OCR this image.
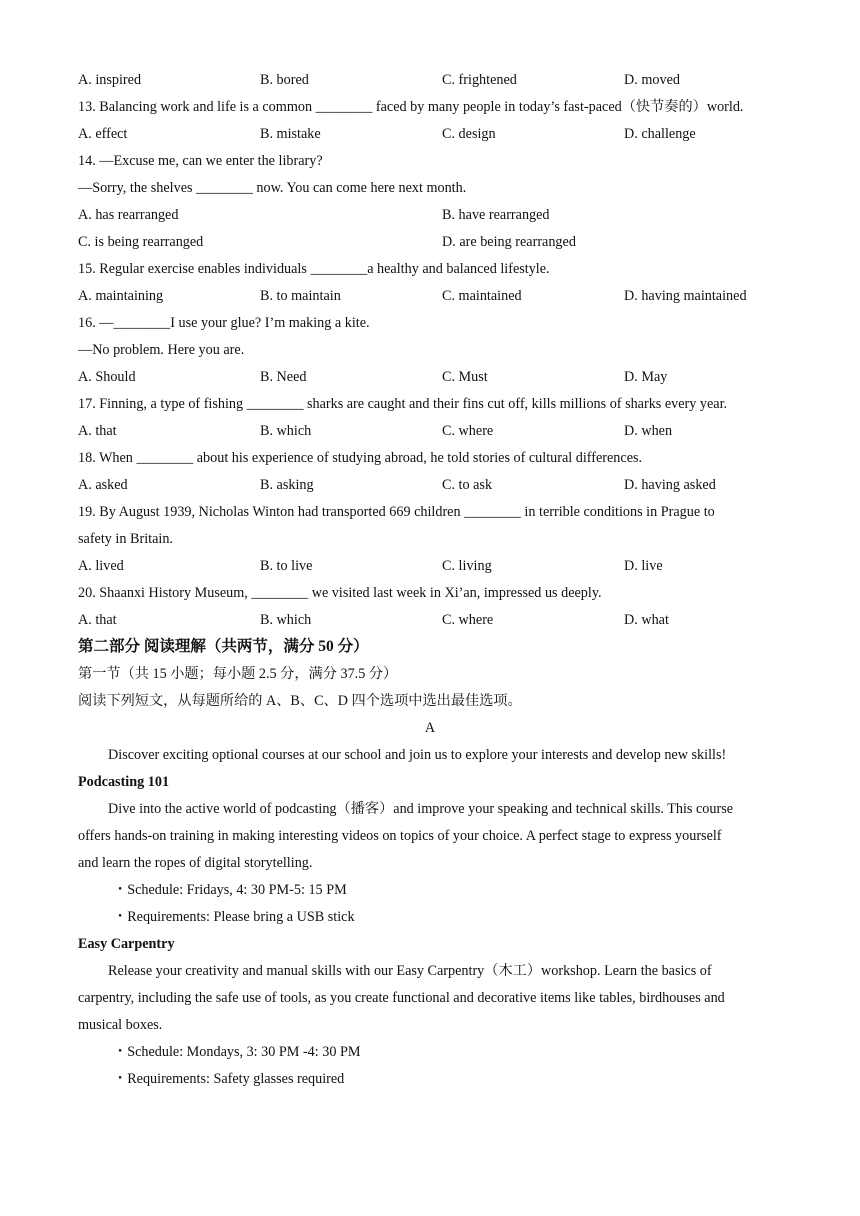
A. inspired	B. bored	C. frightened	D. moved
13. Balancing work and life is a common ________ faced by many people in today’s fast-paced（快节奏的）world.
A. effect	B. mistake	C. design	D. challenge
14. —Excuse me, can we enter the library?
—Sorry, the shelves ________ now. You can come here next month.
A. has rearranged	B. have rearranged
C. is being rearranged	D. are being rearranged
15. Regular exercise enables individuals ________a healthy and balanced lifestyle.
A. maintaining	B. to maintain	C. maintained	D. having maintained
16. —________I use your glue? I’m making a kite.
—No problem. Here you are.
A. Should	B. Need	C. Must	D. May
17. Finning, a type of fishing ________ sharks are caught and their fins cut off, kills millions of sharks every year.
A. that	B. which	C. where	D. when
18. When ________ about his experience of studying abroad, he told stories of cultural differences.
A. asked	B. asking	C. to ask	D. having asked
19. By August 1939, Nicholas Winton had transported 669 children ________ in terrible conditions in Prague to
safety in Britain.
A. lived	B. to live	C. living	D. live
20. Shaanxi History Museum, ________ we visited last week in Xi’an, impressed us deeply.
A. that	B. which	C. where	D. what
第二部分 阅读理解（共两节，满分 50 分）
第一节（共 15 小题；每小题 2.5 分，满分 37.5 分）
阅读下列短文，从每题所给的 A、B、C、D 四个选项中选出最佳选项。
A
Discover exciting optional courses at our school and join us to explore your interests and develop new skills!
Podcasting 101
Dive into the active world of podcasting（播客）and improve your speaking and technical skills. This course
offers hands-on training in making interesting videos on topics of your choice. A perfect stage to express yourself
and learn the ropes of digital storytelling.
・Schedule: Fridays, 4: 30 PM-5: 15 PM
・Requirements: Please bring a USB stick
Easy Carpentry
Release your creativity and manual skills with our Easy Carpentry（木工）workshop. Learn the basics of
carpentry, including the safe use of tools, as you create functional and decorative items like tables, birdhouses and
musical boxes.
・Schedule: Mondays, 3: 30 PM -4: 30 PM
・Requirements: Safety glasses required
